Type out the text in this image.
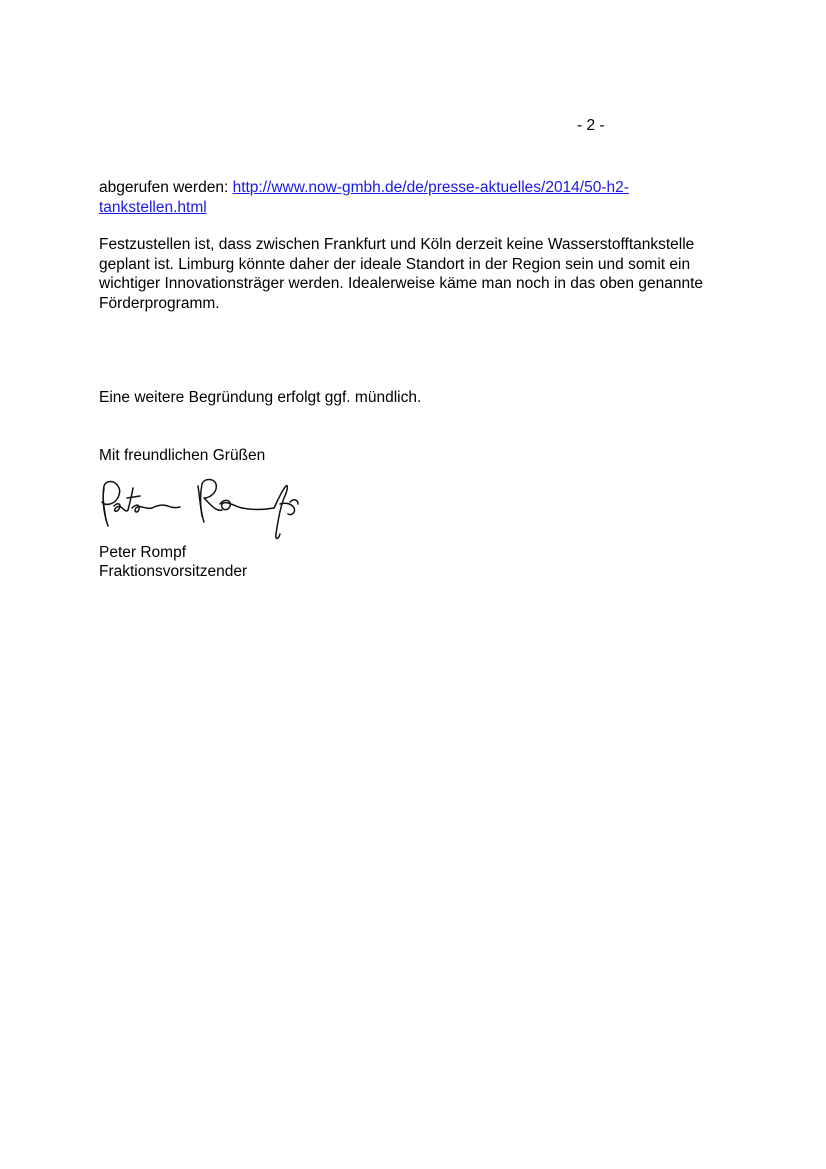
- 2 -
abgerufen werden: http://www.now-gmbh.de/de/presse-aktuelles/2014/50-h2-
tankstellen.html
Festzustellen ist, dass zwischen Frankfurt und Köln derzeit keine Wasserstofftankstelle
geplant ist. Limburg könnte daher der ideale Standort in der Region sein und somit ein
wichtiger Innovationsträger werden. Idealerweise käme man noch in das oben genannte
Förderprogramm.
Eine weitere Begründung erfolgt ggf. mündlich.
Mit freundlichen Grüßen
Peter Rompf
Fraktionsvorsitzender
